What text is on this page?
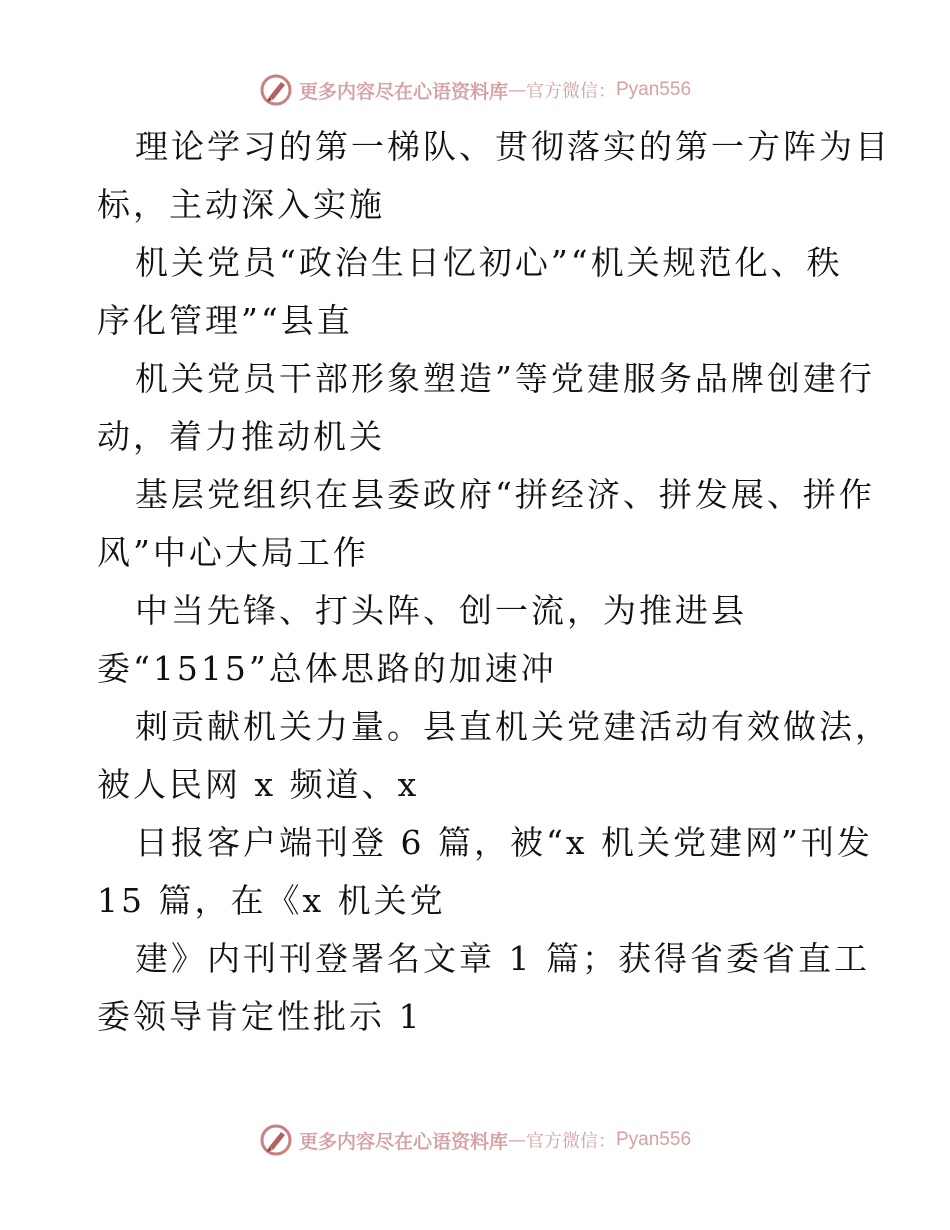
更多内容尽在心语资料库 — 官方微信： Pyan556
理论学习的第一梯队、贯彻落实的第一方阵为目
标，主动深入实施
机关党员“政治生日忆初心”“机关规范化、秩
序化管理”“县直
机关党员干部形象塑造”等党建服务品牌创建行
动，着力推动机关
基层党组织在县委政府“拼经济、拼发展、拼作
风”中心大局工作
中当先锋、打头阵、创一流，为推进县
委“1515”总体思路的加速冲
刺贡献机关力量。县直机关党建活动有效做法，
被人民网 x 频道、x
日报客户端刊登 6 篇，被“x 机关党建网”刊发
15 篇，在《x 机关党
建》内刊刊登署名文章 1 篇；获得省委省直工
委领导肯定性批示 1
更多内容尽在心语资料库 — 官方微信： Pyan556
